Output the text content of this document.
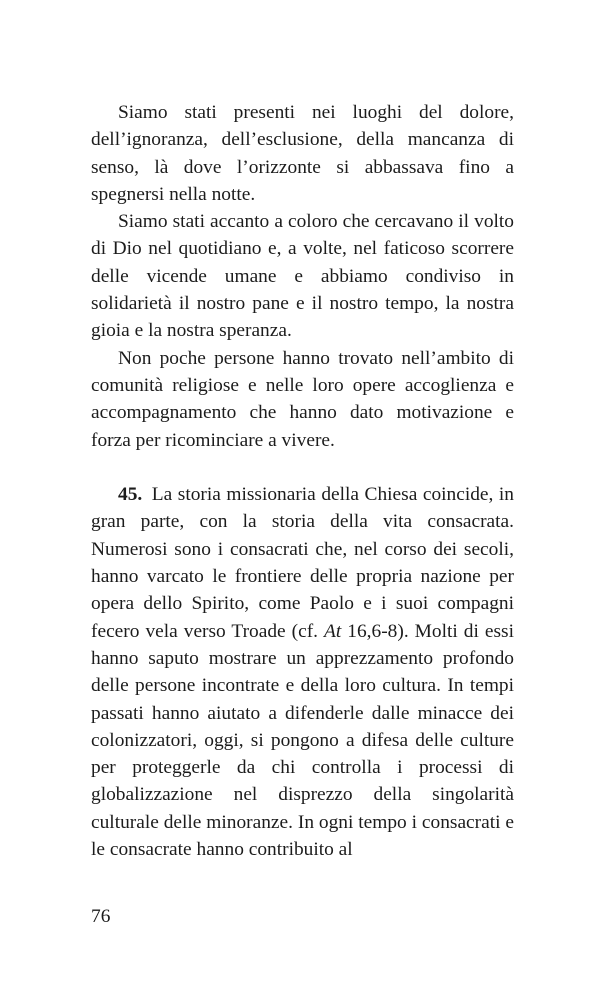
Siamo stati presenti nei luoghi del dolore, dell’ignoranza, dell’esclusione, della mancanza di senso, là dove l’orizzonte si abbassava fino a spegnersi nella notte.

Siamo stati accanto a coloro che cercavano il volto di Dio nel quotidiano e, a volte, nel faticoso scorrere delle vicende umane e abbiamo condiviso in solidarietà il nostro pane e il nostro tempo, la nostra gioia e la nostra speranza.

Non poche persone hanno trovato nell’ambito di comunità religiose e nelle loro opere accoglienza e accompagnamento che hanno dato motivazione e forza per ricominciare a vivere.

45. La storia missionaria della Chiesa coincide, in gran parte, con la storia della vita consacrata. Numerosi sono i consacrati che, nel corso dei secoli, hanno varcato le frontiere delle propria nazione per opera dello Spirito, come Paolo e i suoi compagni fecero vela verso Troade (cf. At 16,6-8). Molti di essi hanno saputo mostrare un apprezzamento profondo delle persone incontrate e della loro cultura. In tempi passati hanno aiutato a difenderle dalle minacce dei colonizzatori, oggi, si pongono a difesa delle culture per proteggerle da chi controlla i processi di globalizzazione nel disprezzo della singolarità culturale delle minoranze. In ogni tempo i consacrati e le consacrate hanno contribuito al

76
